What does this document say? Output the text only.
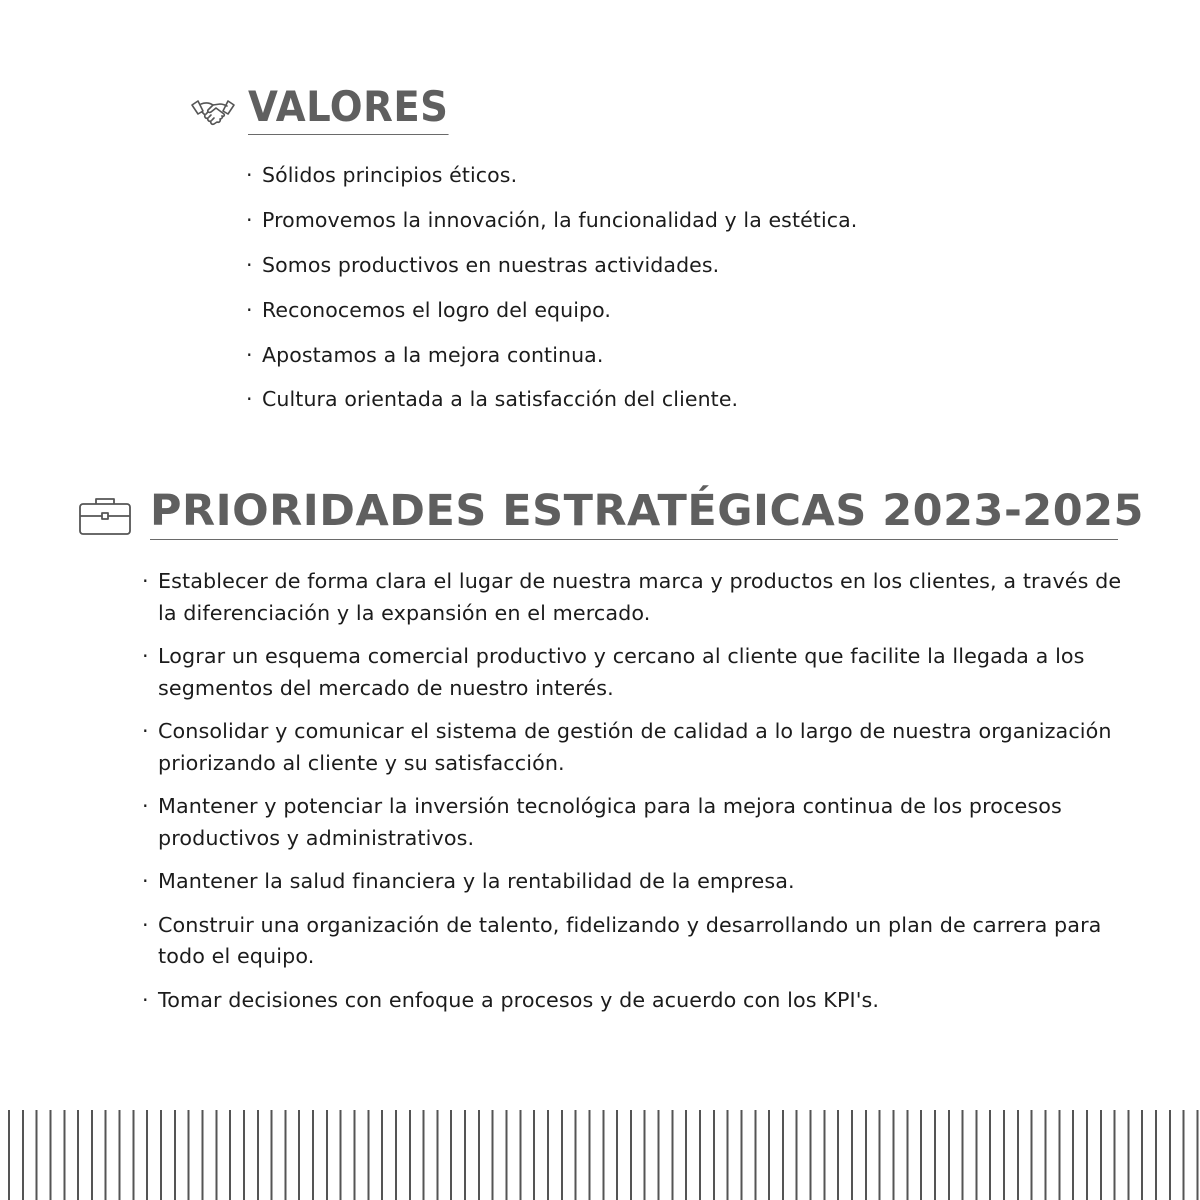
VALORES
· Sólidos principios éticos.
· Promovemos la innovación, la funcionalidad y la estética.
· Somos productivos en nuestras actividades.
· Reconocemos el logro del equipo.
· Apostamos a la mejora continua.
· Cultura orientada a la satisfacción del cliente.
PRIORIDADES ESTRATÉGICAS 2023-2025
· Establecer de forma clara el lugar de nuestra marca y productos en los clientes, a través de la diferenciación y la expansión en el mercado.
· Lograr un esquema comercial productivo y cercano al cliente que facilite la llegada a los segmentos del mercado de nuestro interés.
· Consolidar y comunicar el sistema de gestión de calidad a lo largo de nuestra organización priorizando al cliente y su satisfacción.
· Mantener y potenciar la inversión tecnológica para la mejora continua de los procesos productivos y administrativos.
· Mantener la salud financiera y la rentabilidad de la empresa.
· Construir una organización de talento, fidelizando y desarrollando un plan de carrera para todo el equipo.
· Tomar decisiones con enfoque a procesos y de acuerdo con los KPI's.
